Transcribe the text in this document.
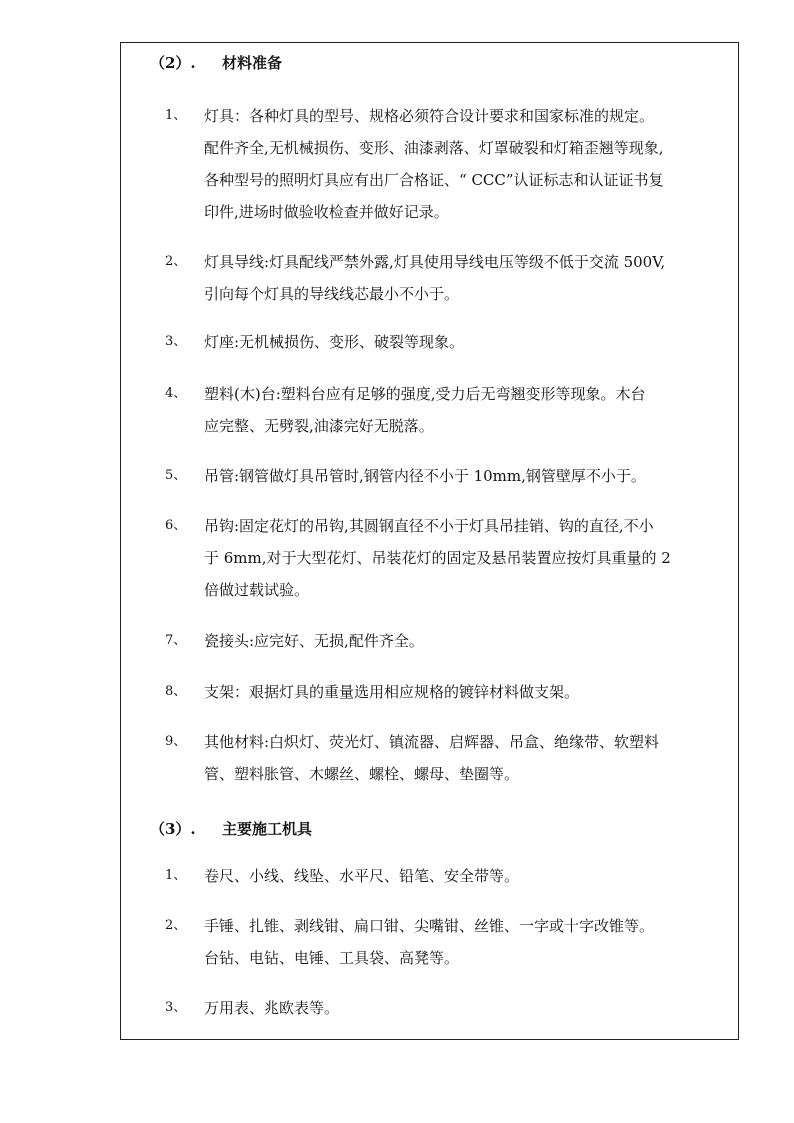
（2）. 材料准备
1、	灯具：各种灯具的型号、规格必须符合设计要求和国家标准的规定。
配件齐全,无机械损伤、变形、油漆剥落、灯罩破裂和灯箱歪翘等现象,
各种型号的照明灯具应有出厂合格证、“ CCC”认证标志和认证证书复
印件,进场时做验收检查并做好记录。
2、	灯具导线:灯具配线严禁外露,灯具使用导线电压等级不低于交流 500V,
引向每个灯具的导线线芯最小不小于。
3、	灯座:无机械损伤、变形、破裂等现象。
4、	塑料(木)台:塑料台应有足够的强度,受力后无弯翘变形等现象。木台
应完整、无劈裂,油漆完好无脱落。
5、	吊管:钢管做灯具吊管时,钢管内径不小于 10mm,钢管壁厚不小于。
6、	吊钩:固定花灯的吊钩,其圆钢直径不小于灯具吊挂销、钩的直径,不小
于 6mm,对于大型花灯、吊装花灯的固定及悬吊装置应按灯具重量的 2
倍做过载试验。
7、	瓷接头:应完好、无损,配件齐全。
8、	支架：艰据灯具的重量选用相应规格的镀锌材料做支架。
9、	其他材料:白炽灯、荧光灯、镇流器、启辉器、吊盒、绝缘带、软塑料
管、塑料胀管、木螺丝、螺栓、螺母、垫圈等。
（3）. 主要施工机具
1、	卷尺、小线、线坠、水平尺、铅笔、安全带等。
2、	手锤、扎锥、剥线钳、扁口钳、尖嘴钳、丝锥、一字或十字改锥等。
台钻、电钻、电锤、工具袋、高凳等。
3、	万用表、兆欧表等。
